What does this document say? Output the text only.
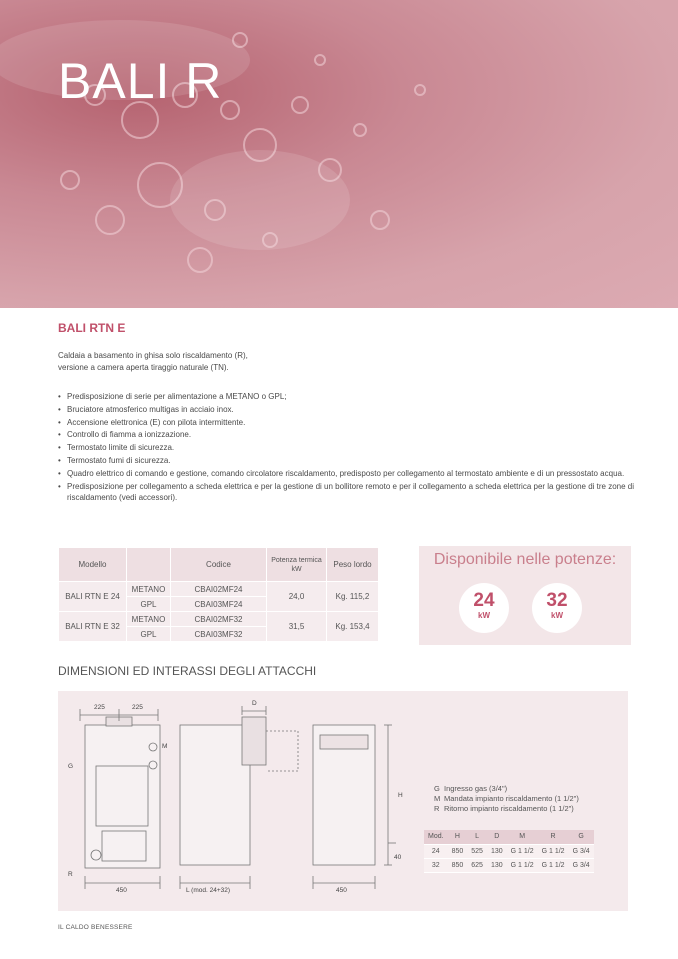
BALI R
BALI RTN E
Caldaia a basamento in ghisa solo riscaldamento (R),
versione a camera aperta tiraggio naturale (TN).
• Predisposizione di serie per alimentazione a METANO o GPL;
• Bruciatore atmosferico multigas in acciaio inox.
• Accensione elettronica (E) con pilota intermittente.
• Controllo di fiamma a ionizzazione.
• Termostato limite di sicurezza.
• Termostato fumi di sicurezza.
• Quadro elettrico di comando e gestione, comando circolatore riscaldamento, predisposto per collegamento al termostato ambiente e di un pressostato acqua.
• Predisposizione per collegamento a scheda elettrica e per la gestione di un bollitore remoto e per il collegamento a scheda elettrica per la gestione di tre zone di riscaldamento (vedi accessori).
Modello		Codice	Potenza termica kW	Peso lordo
BALI RTN E 24	METANO	CBAI02MF24	24,0	Kg. 115,2
	GPL	CBAI03MF24		
BALI RTN E 32	METANO	CBAI02MF32	31,5	Kg. 153,4
	GPL	CBAI03MF32		
Disponibile nelle potenze:
24
kW
32
kW
DIMENSIONI ED INTERASSI DEGLI ATTACCHI
225	225
M
G
R
450
D
L (mod. 24+32)
H
40
450
G Ingresso gas (3/4")
M Mandata impianto riscaldamento (1 1/2")
R Ritorno impianto riscaldamento (1 1/2")
Mod.	H	L	D	M	R	G
24	850	525	130	G 1 1/2	G 1 1/2	G 3/4
32	850	625	130	G 1 1/2	G 1 1/2	G 3/4
IL CALDO BENESSERE
